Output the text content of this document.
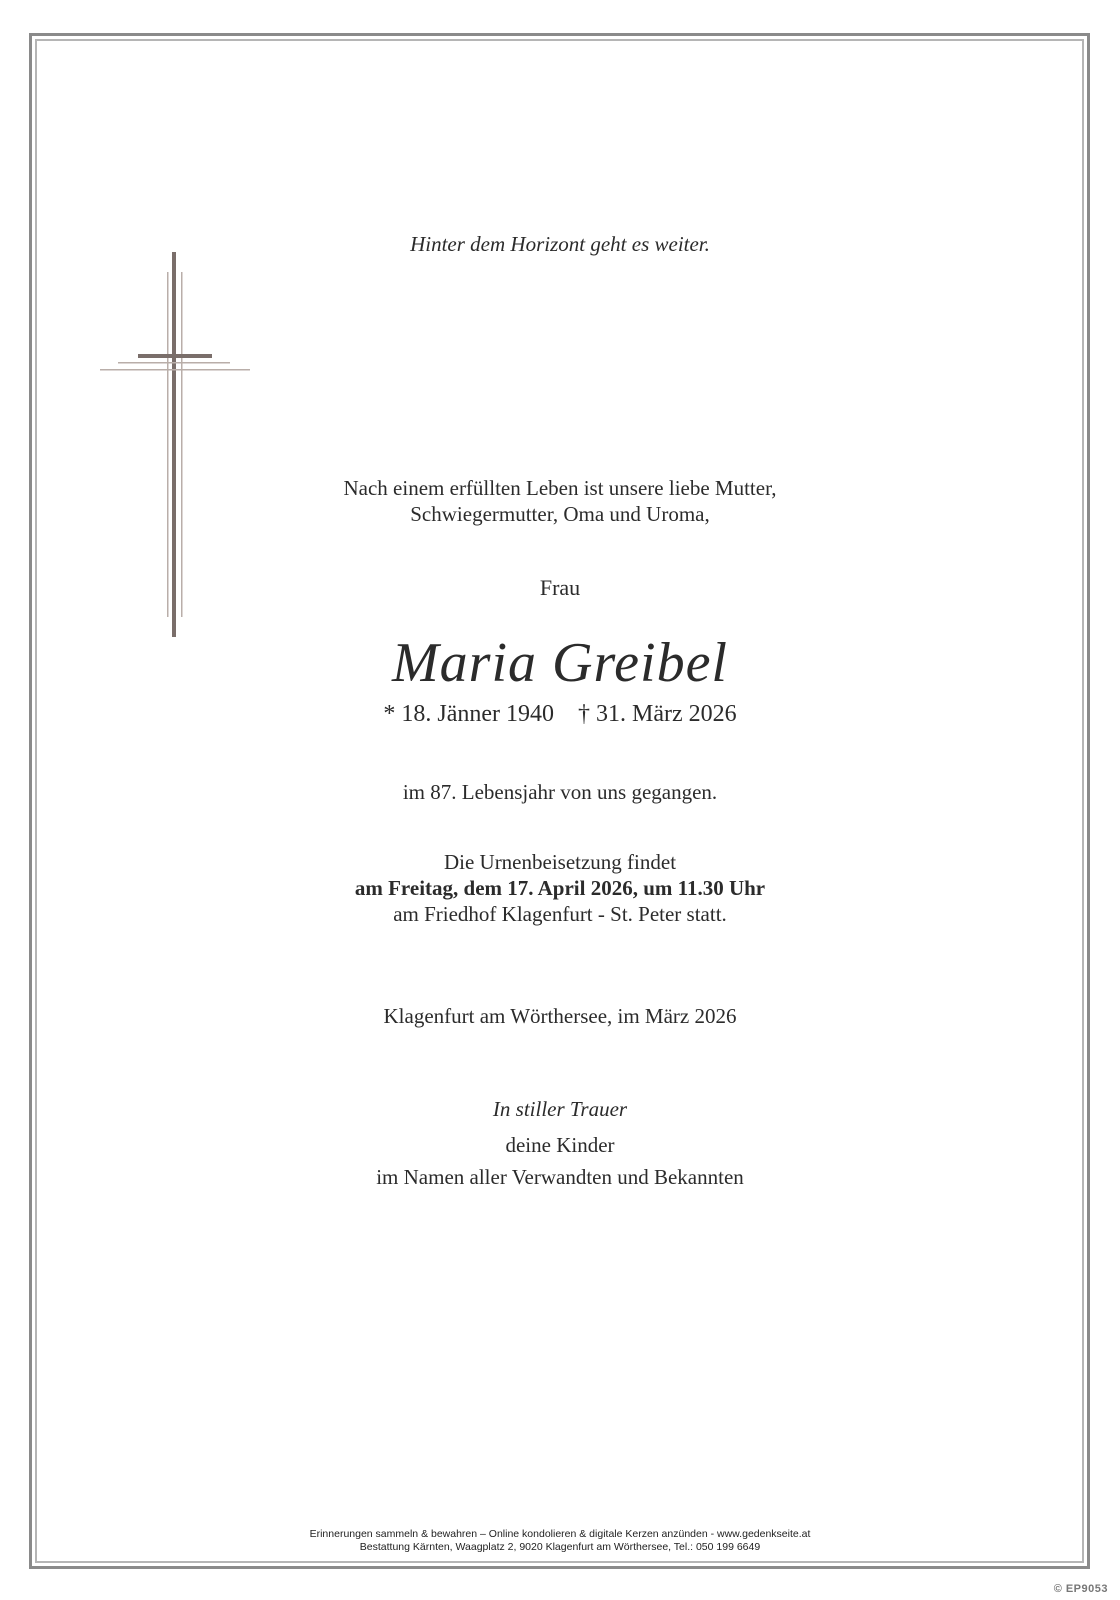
Hinter dem Horizont geht es weiter.
Nach einem erfüllten Leben ist unsere liebe Mutter,
Schwiegermutter, Oma und Uroma,
Frau
Maria Greibel
* 18. Jänner 1940 † 31. März 2026
im 87. Lebensjahr von uns gegangen.
Die Urnenbeisetzung findet
am Freitag, dem 17. April 2026, um 11.30 Uhr
am Friedhof Klagenfurt - St. Peter statt.
Klagenfurt am Wörthersee, im März 2026
In stiller Trauer
deine Kinder
im Namen aller Verwandten und Bekannten
Erinnerungen sammeln & bewahren – Online kondolieren & digitale Kerzen anzünden - www.gedenkseite.at
Bestattung Kärnten, Waagplatz 2, 9020 Klagenfurt am Wörthersee, Tel.: 050 199 6649
© EP9053
